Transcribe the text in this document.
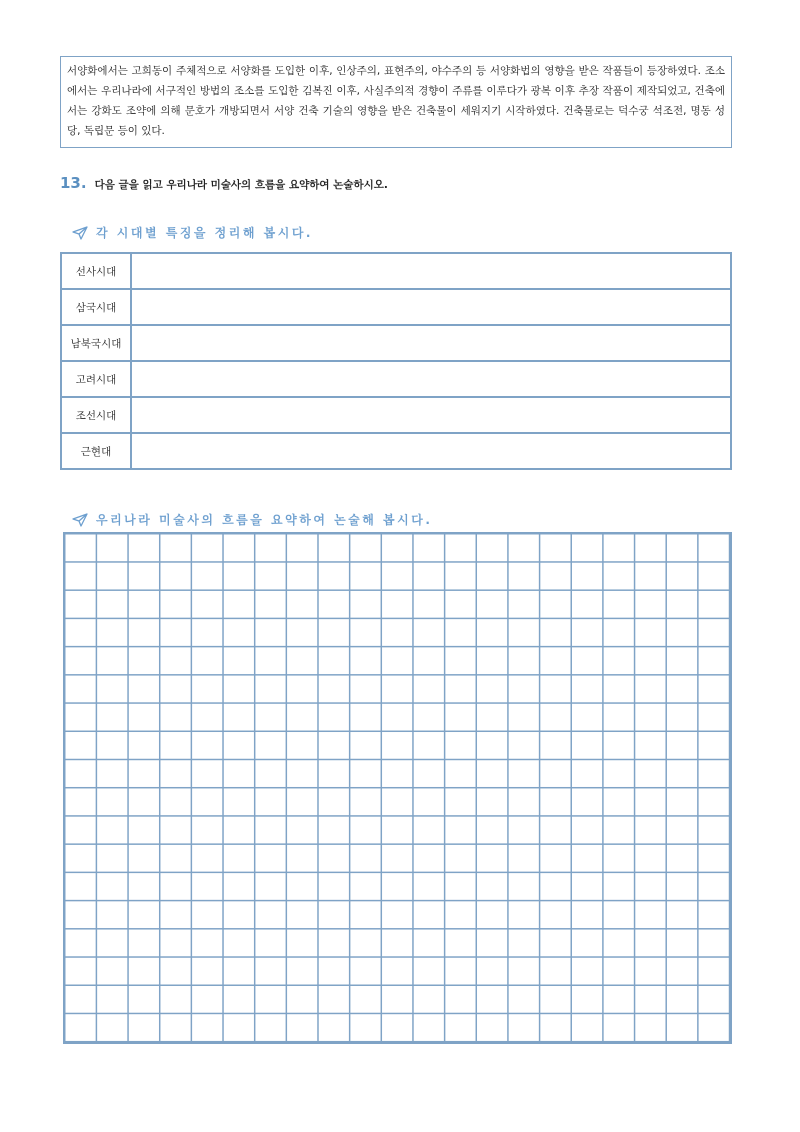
서양화에서는 고희동이 주체적으로 서양화를 도입한 이후, 인상주의, 표현주의, 야수주의 등 서양화법의 영향을 받은 작품들이 등장하였다. 조소에서는 우리나라에 서구적인 방법의 조소를 도입한 김복진 이후, 사실주의적 경향이 주류를 이루다가 광복 이후 추장 작품이 제작되었고, 건축에서는 강화도 조약에 의해 문호가 개방되면서 서양 건축 기술의 영향을 받은 건축물이 세워지기 시작하였다. 건축물로는 덕수궁 석조전, 명동 성당, 독립문 등이 있다.
13. 다음 글을 읽고 우리나라 미술사의 흐름을 요약하여 논술하시오.
각 시대별 특징을 정리해 봅시다.
선사시대	
삼국시대	
남북국시대	
고려시대	
조선시대	
근현대	
우리나라 미술사의 흐름을 요약하여 논술해 봅시다.
